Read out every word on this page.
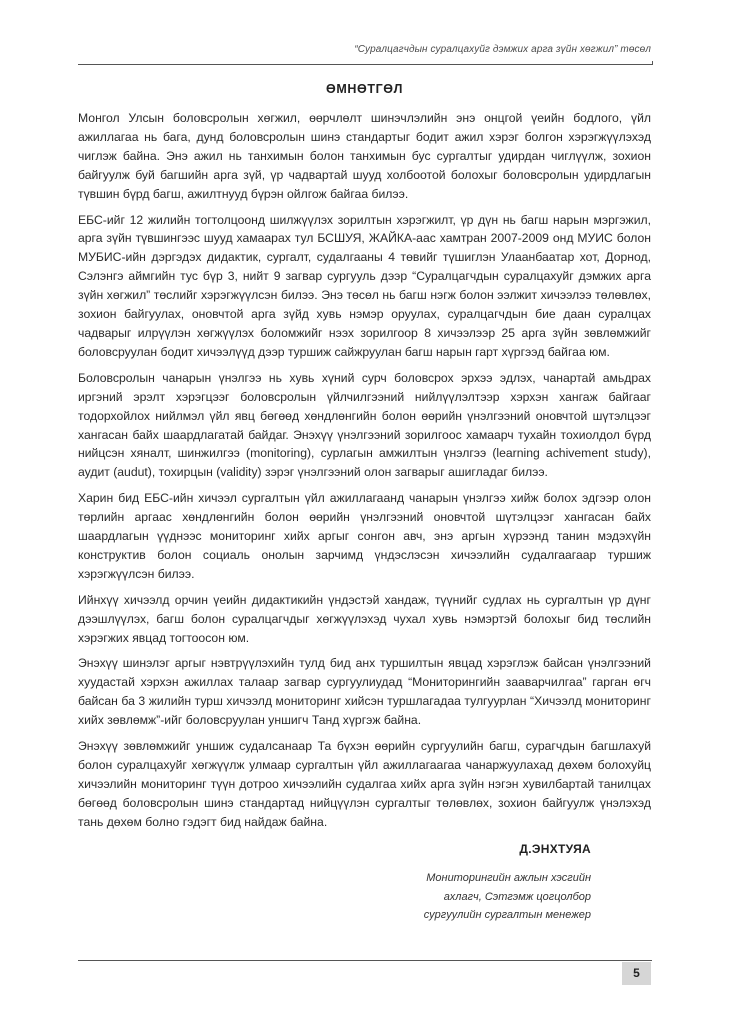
“Суралцагчдын суралцахуйг дэмжих арга зүйн хөгжил” төсөл
ӨМНӨТГӨЛ

Монгол Улсын боловсролын хөгжил, өөрчлөлт шинэчлэлийн энэ онцгой үеийн бодлого, үйл ажиллагаа нь бага, дунд боловсролын шинэ стандартыг бодит ажил хэрэг болгон хэрэгжүүлэхэд чиглэж байна. Энэ ажил нь танхимын болон танхимын бус сургалтыг удирдан чиглүүлж, зохион байгуулж буй багшийн арга зүй, үр чадвартай шууд холбоотой болохыг боловсролын удирдлагын түвшин бүрд багш, ажилтнууд бүрэн ойлгож байгаа билээ.

ЕБС-ийг 12 жилийн тогтолцоонд шилжүүлэх зорилтын хэрэгжилт, үр дүн нь багш нарын мэргэжил, арга зүйн түвшингээс шууд хамаарах тул БСШУЯ, ЖАЙКА-аас хамтран 2007-2009 онд МУИС болон МУБИС-ийн дэргэдэх дидактик, сургалт, судалгааны 4 төвийг түшиглэн Улаанбаатар хот, Дорнод, Сэлэнгэ аймгийн тус бүр 3, нийт 9 загвар сургууль дээр “Суралцагчдын суралцахуйг дэмжих арга зүйн хөгжил” төслийг хэрэгжүүлсэн билээ. Энэ төсөл нь багш нэгж болон ээлжит хичээлээ төлөвлөх, зохион байгуулах, оновчтой арга зүйд хувь нэмэр оруулах, суралцагчдын бие даан суралцах чадварыг илрүүлэн хөгжүүлэх боломжийг нээх зорилгоор 8 хичээлээр 25 арга зүйн зөвлөмжийг боловсруулан бодит хичээлүүд дээр туршиж сайжруулан багш нарын гарт хүргээд байгаа юм.

Боловсролын чанарын үнэлгээ нь хувь хүний сурч боловсрох эрхээ эдлэх, чанартай амьдрах иргэний эрэлт хэрэгцээг боловсролын үйлчилгээний нийлүүлэлтээр хэрхэн хангаж байгааг тодорхойлох нийлмэл үйл явц бөгөөд хөндлөнгийн болон өөрийн үнэлгээний оновчтой шүтэлцээг хангасан байх шаардлагатай байдаг. Энэхүү үнэлгээний зорилгоос хамаарч тухайн тохиолдол бүрд нийцсэн хяналт, шинжилгээ (monitoring), сурлагын амжилтын үнэлгээ (learning achivement study), аудит (audut), тохирцын (validity) зэрэг үнэлгээний олон загварыг ашигладаг билээ.

Харин бид ЕБС-ийн хичээл сургалтын үйл ажиллагаанд чанарын үнэлгээ хийж болох эдгээр олон төрлийн аргаас хөндлөнгийн болон өөрийн үнэлгээний оновчтой шүтэлцээг хангасан байх шаардлагын үүднээс мониторинг хийх аргыг сонгон авч, энэ аргын хүрээнд танин мэдэхүйн конструктив болон социаль онолын зарчимд үндэслэсэн хичээлийн судалгаагаар туршиж хэрэгжүүлсэн билээ.

Ийнхүү хичээлд орчин үеийн дидактикийн үндэстэй хандаж, түүнийг судлах нь сургалтын үр дүнг дээшлүүлэх, багш болон суралцагчдыг хөгжүүлэхэд чухал хувь нэмэртэй болохыг бид төслийн хэрэгжих явцад тогтоосон юм.

Энэхүү шинэлэг аргыг нэвтрүүлэхийн тулд бид анх туршилтын явцад хэрэглэж байсан үнэлгээний хуудастай хэрхэн ажиллах талаар загвар сургуулиудад “Мониторингийн зааварчилгаа” гарган өгч байсан ба 3 жилийн турш хичээлд мониторинг хийсэн туршлагадаа тулгуурлан “Хичээлд мониторинг хийх зөвлөмж”-ийг боловсруулан уншигч Танд хүргэж байна.

Энэхүү зөвлөмжийг уншиж судалсанаар Та бүхэн өөрийн сургуулийн багш, сурагчдын багшлахуй болон суралцахуйг хөгжүүлж улмаар сургалтын үйл ажиллагаагаа чанаржуулахад дөхөм болохуйц хичээлийн мониторинг түүн дотроо хичээлийн судалгаа хийх арга зүйн нэгэн хувилбартай танилцах бөгөөд боловсролын шинэ стандартад нийцүүлэн сургалтыг төлөвлөх, зохион байгуулж үнэлэхэд тань дөхөм болно гэдэгт бид найдаж байна.

Д.ЭНХТУЯА
Мониторингийн ажлын хэсгийн
ахлагч, Сэтгэмж цогцолбор
сургуулийн сургалтын менежер
5
